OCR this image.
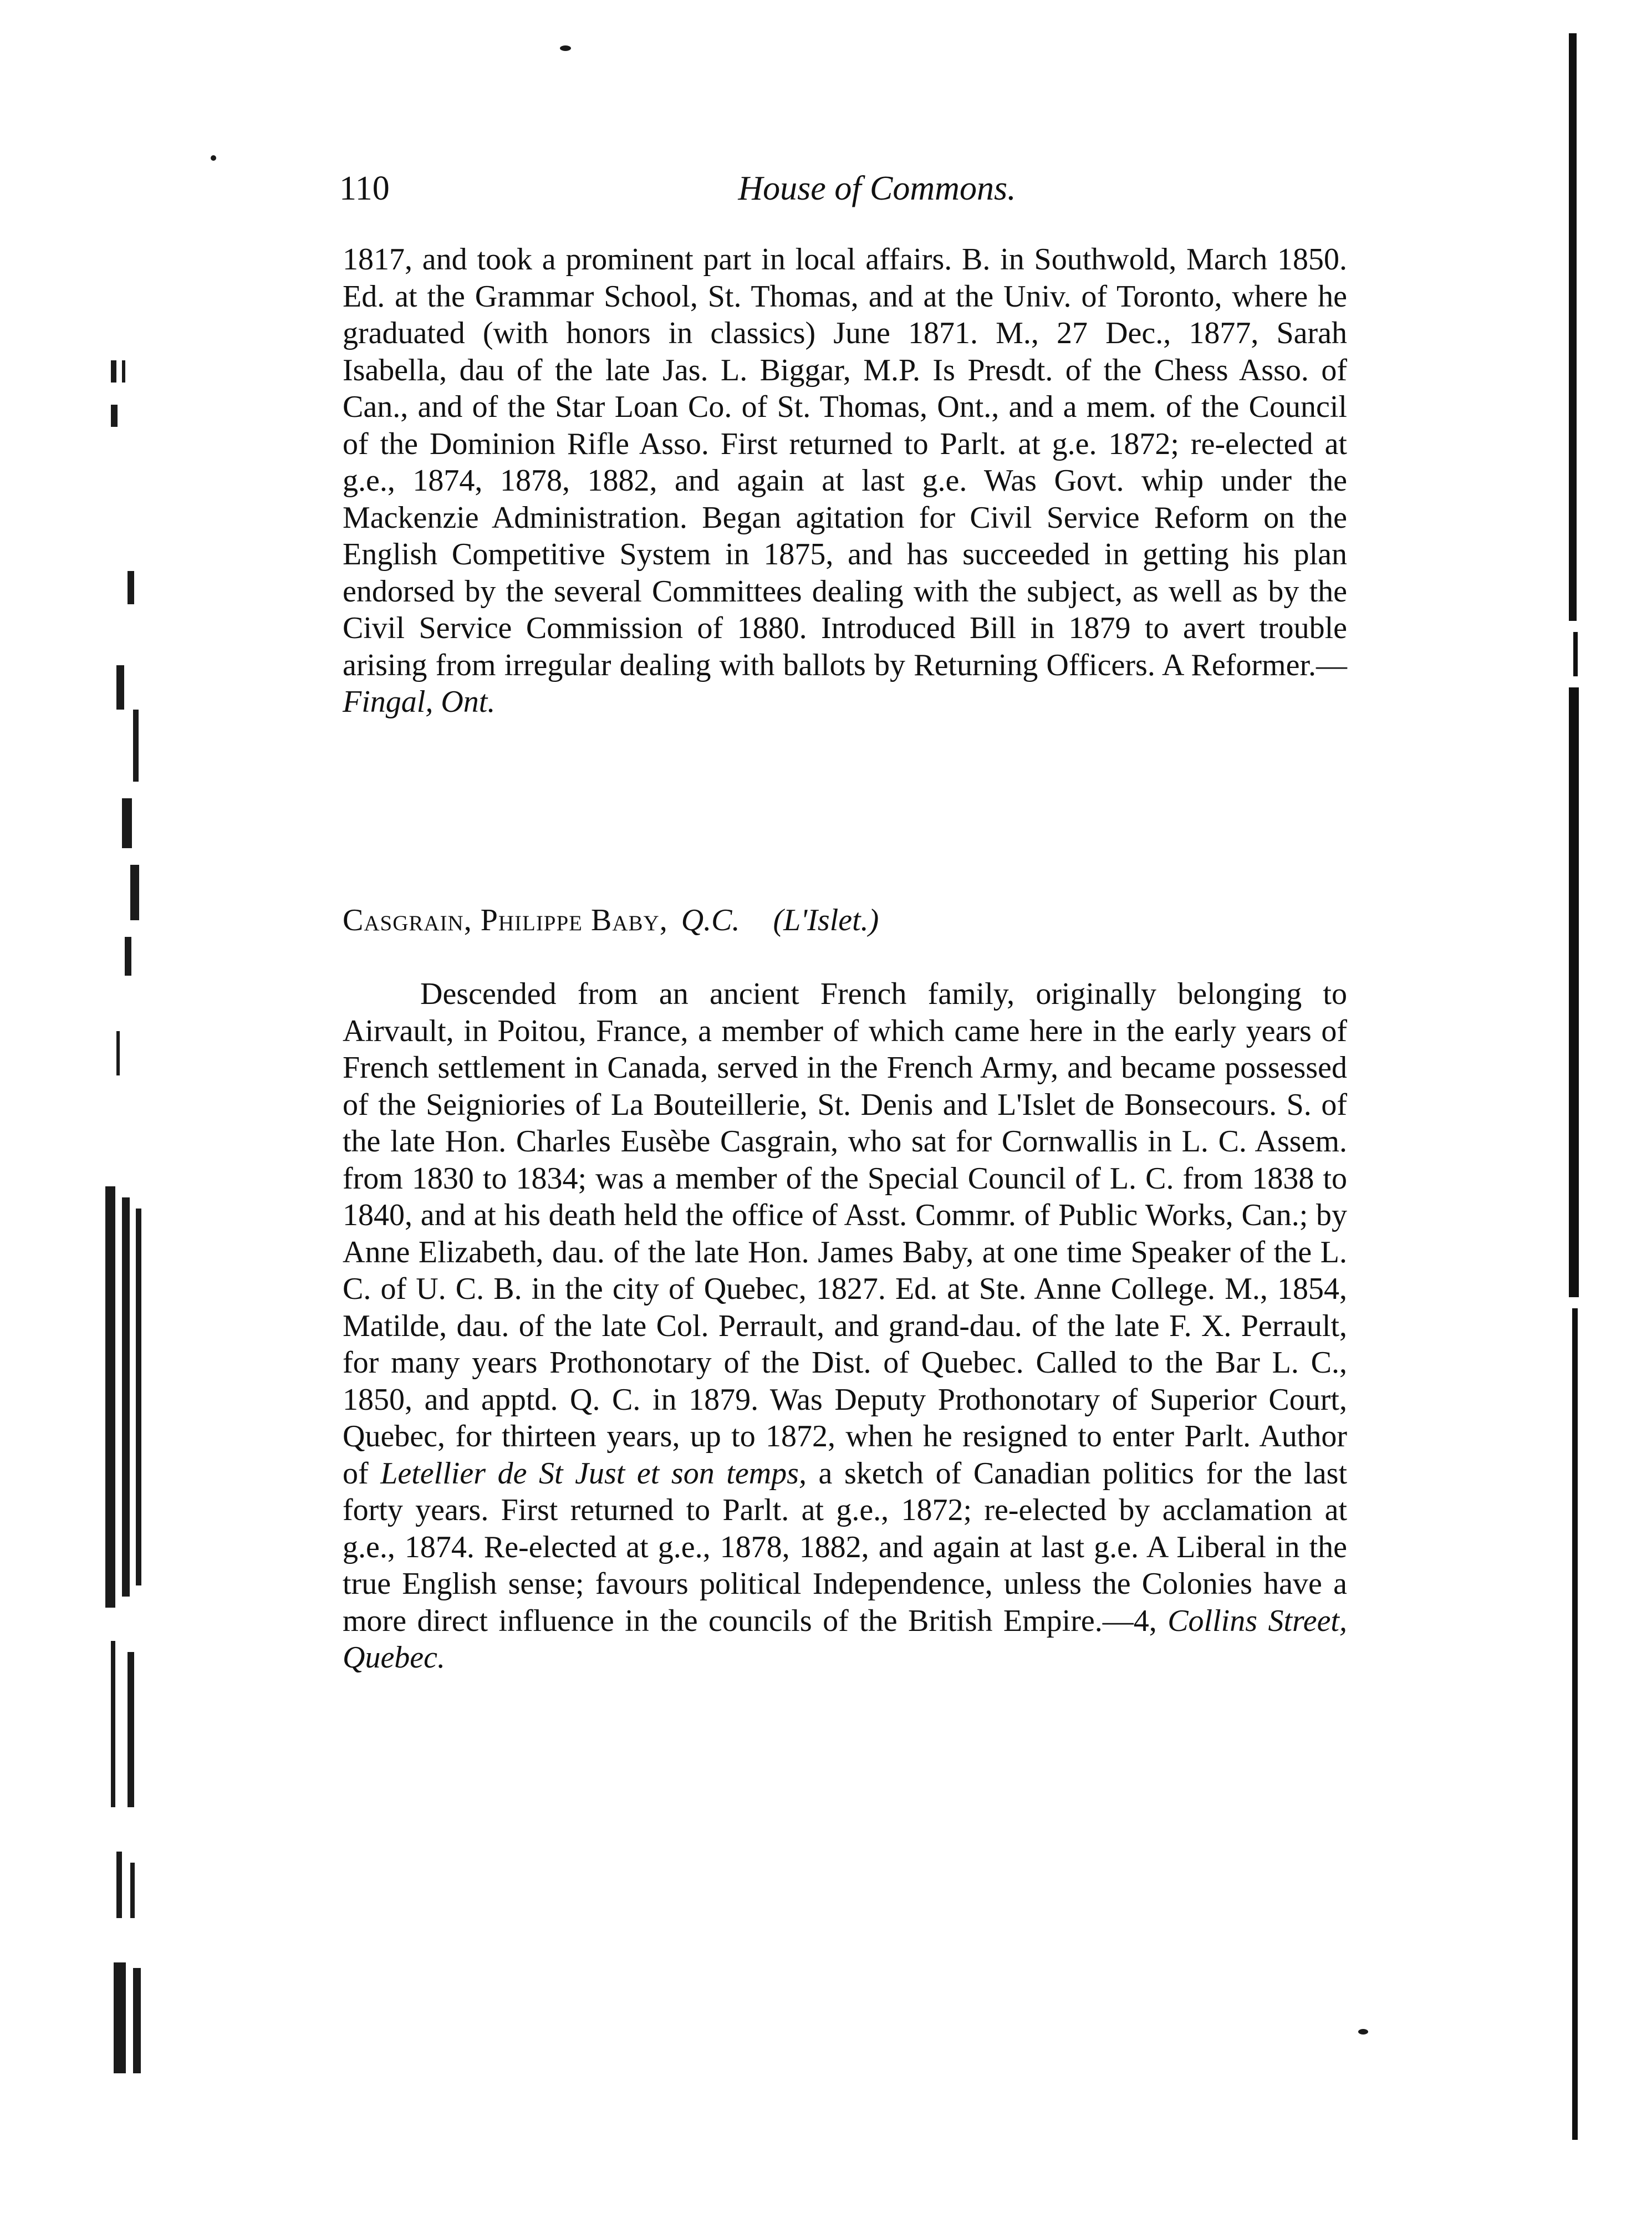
110	House of Commons.

1817, and took a prominent part in local affairs. B. in Southwold, March 1850. Ed. at the Grammar School, St. Thomas, and at the Univ. of Toronto, where he graduated (with honors in classics) June 1871. M., 27 Dec., 1877, Sarah Isabella, dau of the late Jas. L. Biggar, M.P. Is Presdt. of the Chess Asso. of Can., and of the Star Loan Co. of St. Thomas, Ont., and a mem. of the Council of the Dominion Rifle Asso. First returned to Parlt. at g.e. 1872; re-elected at g.e., 1874, 1878, 1882, and again at last g.e. Was Govt. whip under the Mackenzie Administration. Began agitation for Civil Service Reform on the English Competitive System in 1875, and has succeeded in getting his plan endorsed by the several Committees dealing with the subject, as well as by the Civil Service Commission of 1880. Introduced Bill in 1879 to avert trouble arising from irregular dealing with ballots by Returning Officers. A Reformer.—Fingal, Ont.

Casgrain, Philippe Baby, Q.C. (L'Islet.)

Descended from an ancient French family, originally belonging to Airvault, in Poitou, France, a member of which came here in the early years of French settlement in Canada, served in the French Army, and became possessed of the Seigniories of La Bouteillerie, St. Denis and L'Islet de Bonsecours. S. of the late Hon. Charles Eusèbe Casgrain, who sat for Cornwallis in L. C. Assem. from 1830 to 1834; was a member of the Special Council of L. C. from 1838 to 1840, and at his death held the office of Asst. Commr. of Public Works, Can.; by Anne Elizabeth, dau. of the late Hon. James Baby, at one time Speaker of the L. C. of U. C. B. in the city of Quebec, 1827. Ed. at Ste. Anne College. M., 1854, Matilde, dau. of the late Col. Perrault, and grand-dau. of the late F. X. Perrault, for many years Prothonotary of the Dist. of Quebec. Called to the Bar L. C., 1850, and apptd. Q. C. in 1879. Was Deputy Prothonotary of Superior Court, Quebec, for thirteen years, up to 1872, when he resigned to enter Parlt. Author of Letellier de St Just et son temps, a sketch of Canadian politics for the last forty years. First returned to Parlt. at g.e., 1872; re-elected by acclamation at g.e., 1874. Re-elected at g.e., 1878, 1882, and again at last g.e. A Liberal in the true English sense; favours political Independence, unless the Colonies have a more direct influence in the councils of the British Empire.—4, Collins Street, Quebec.
